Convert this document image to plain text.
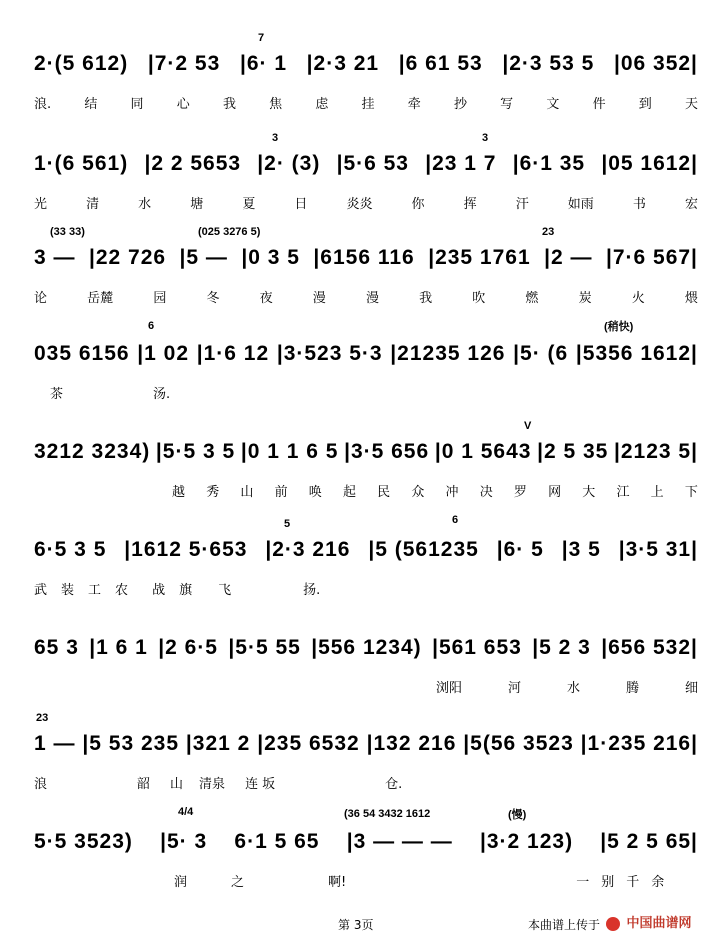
7
2·(5 612) |7·2 53 |6· 1 |2·3 21 |6 61 53 |2·3 53 5 |06 352|
浪.	结	同	心	我	焦	虑	挂	牵	抄	写	文	件	到	天
3	3
1·(6 561) |2 2 5653 |2· (3) |5·6 53 |23 1 7 |6·1 35 |05 1612|
光	清	水	塘	夏	日	炎炎	你	挥	汗	如雨	书	宏
(33 33)	(025 3276 5)	23
3 — |22 726 |5 — |0 3 5 |6156 116 |235 1761 |2 — |7·6 567|
论	岳麓	园	冬	夜	漫	漫	我	吹	燃	炭	火	煨
6	(稍快)
035 6156 |1 02 |1·6 12 |3·523 5·3 |21235 126 |5· (6 |5356 1612|
茶	汤.
V
3212 3234) |5·5 3 5 |0 1 1 6 5 |3·5 656 |0 1 5643 |2 5 35 |2123 5|
越 秀 山 前 唤 起 民 众 冲 决 罗 网 大 江 上 下
5	6
6·5 3 5 |1612 5·653 |2·3 216 |5 (561235 |6· 5 |3 5 |3·5 31|
武 装 工 农 战 旗 飞	扬.
65 3 |1 6 1 |2 6·5 |5·5 55 |556 1234) |561 653 |5 2 3 |656 532|
浏阳	河	水	腾	细
23
1 — |5 53 235 |321 2 |235 6532 |132 216 |5(56 3523 |1·235 216|
浪	韶 山 清泉 连 坂	仓.
4/4	(36 54 3432 1612	(慢)
5·5 3523) |5· 3 6·1 5 65 |3 — — — |3·2 123) |5 2 5 65|
润	之	啊!	一 别 千 余
第 3页	本曲谱上传于	中国曲谱网
